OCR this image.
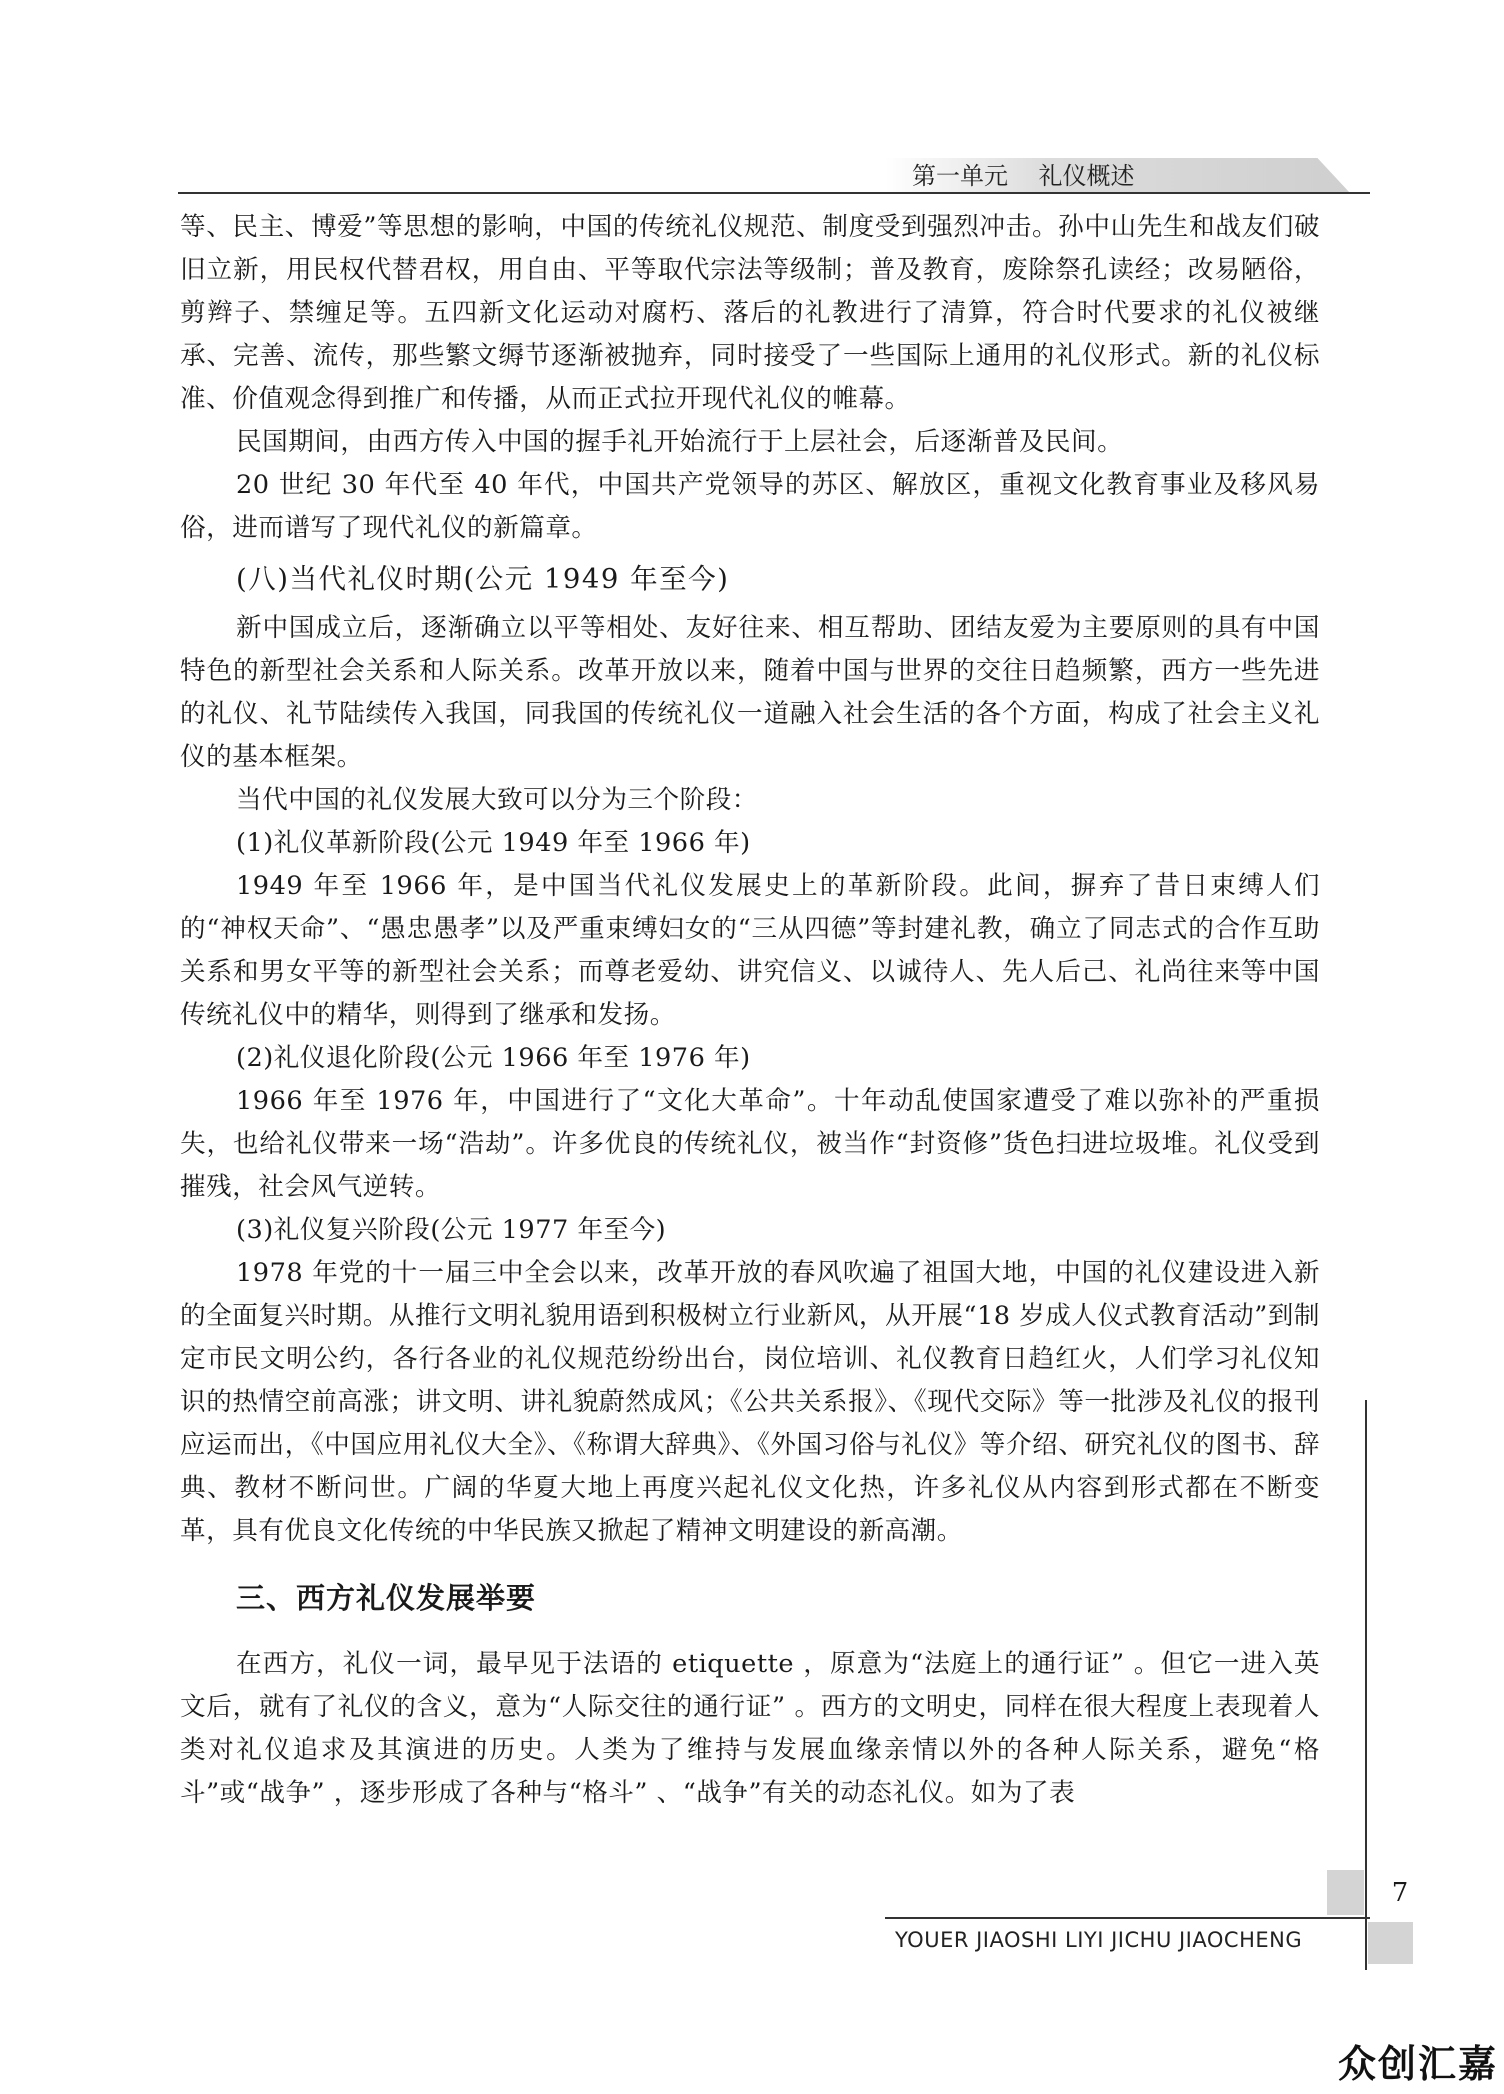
第一单元 礼仪概述

等、民主、博爱”等思想的影响，中国的传统礼仪规范、制度受到强烈冲击。孙中山先生和战友们破旧立新，用民权代替君权，用自由、平等取代宗法等级制；普及教育，废除祭孔读经；改易陋俗，剪辫子、禁缠足等。五四新文化运动对腐朽、落后的礼教进行了清算，符合时代要求的礼仪被继承、完善、流传，那些繁文缛节逐渐被抛弃，同时接受了一些国际上通用的礼仪形式。新的礼仪标准、价值观念得到推广和传播，从而正式拉开现代礼仪的帷幕。

民国期间，由西方传入中国的握手礼开始流行于上层社会，后逐渐普及民间。

20 世纪 30 年代至 40 年代，中国共产党领导的苏区、解放区，重视文化教育事业及移风易俗，进而谱写了现代礼仪的新篇章。

(八)当代礼仪时期(公元 1949 年至今)

新中国成立后，逐渐确立以平等相处、友好往来、相互帮助、团结友爱为主要原则的具有中国特色的新型社会关系和人际关系。改革开放以来，随着中国与世界的交往日趋频繁，西方一些先进的礼仪、礼节陆续传入我国，同我国的传统礼仪一道融入社会生活的各个方面，构成了社会主义礼仪的基本框架。

当代中国的礼仪发展大致可以分为三个阶段：

(1)礼仪革新阶段(公元 1949 年至 1966 年)

1949 年至 1966 年，是中国当代礼仪发展史上的革新阶段。此间，摒弃了昔日束缚人们的“神权天命”、“愚忠愚孝”以及严重束缚妇女的“三从四德”等封建礼教，确立了同志式的合作互助关系和男女平等的新型社会关系；而尊老爱幼、讲究信义、以诚待人、先人后己、礼尚往来等中国传统礼仪中的精华，则得到了继承和发扬。

(2)礼仪退化阶段(公元 1966 年至 1976 年)

1966 年至 1976 年，中国进行了“文化大革命”。十年动乱使国家遭受了难以弥补的严重损失，也给礼仪带来一场“浩劫”。许多优良的传统礼仪，被当作“封资修”货色扫进垃圾堆。礼仪受到摧残，社会风气逆转。

(3)礼仪复兴阶段(公元 1977 年至今)

1978 年党的十一届三中全会以来，改革开放的春风吹遍了祖国大地，中国的礼仪建设进入新的全面复兴时期。从推行文明礼貌用语到积极树立行业新风，从开展“18 岁成人仪式教育活动”到制定市民文明公约，各行各业的礼仪规范纷纷出台，岗位培训、礼仪教育日趋红火，人们学习礼仪知识的热情空前高涨；讲文明、讲礼貌蔚然成风；《公共关系报》、《现代交际》等一批涉及礼仪的报刊应运而出，《中国应用礼仪大全》、《称谓大辞典》、《外国习俗与礼仪》等介绍、研究礼仪的图书、辞典、教材不断问世。广阔的华夏大地上再度兴起礼仪文化热，许多礼仪从内容到形式都在不断变革，具有优良文化传统的中华民族又掀起了精神文明建设的新高潮。

三、西方礼仪发展举要

在西方，礼仪一词，最早见于法语的 etiquette ，原意为“法庭上的通行证” 。但它一进入英文后，就有了礼仪的含义，意为“人际交往的通行证” 。西方的文明史，同样在很大程度上表现着人类对礼仪追求及其演进的历史。人类为了维持与发展血缘亲情以外的各种人际关系，避免“格斗”或“战争” ，逐步形成了各种与“格斗” 、“战争”有关的动态礼仪。如为了表

7
YOUER JIAOSHI LIYI JICHU JIAOCHENG
众创汇嘉
